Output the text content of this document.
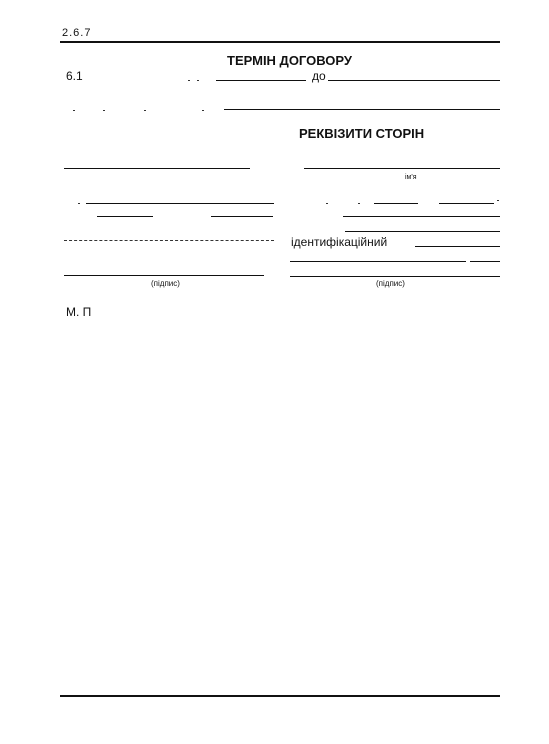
2.6.7
ТЕРМІН ДОГОВОРУ
6.1	до
РЕКВІЗИТИ СТОРІН
(підпис)
ім'я
ідентифікаційний
(підпис)
М. П
